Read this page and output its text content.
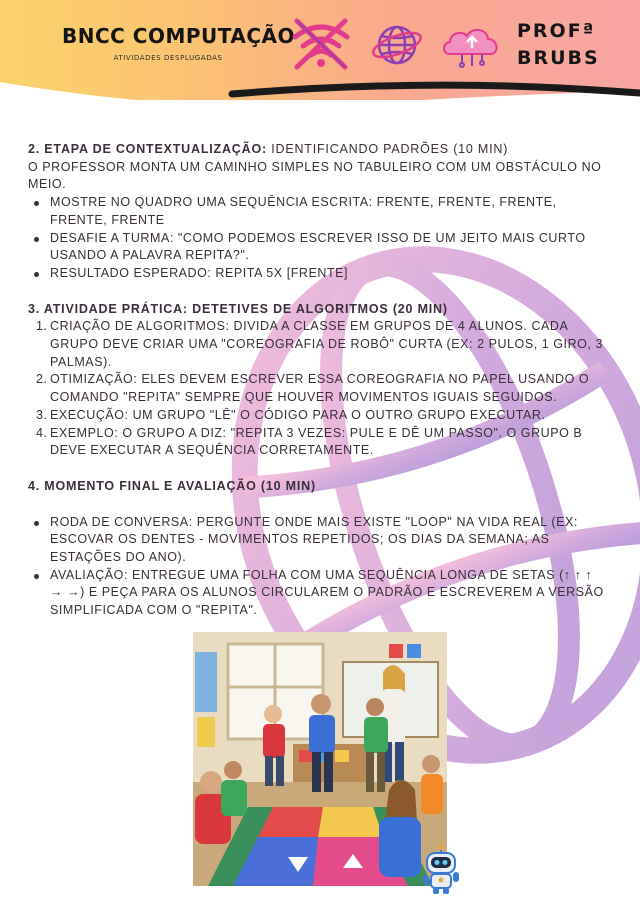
BNCC COMPUTAÇÃO
ATIVIDADES DESPLUGADAS
PROFª
BRUBS
2. ETAPA DE CONTEXTUALIZAÇÃO: IDENTIFICANDO PADRÕES (10 MIN)
O PROFESSOR MONTA UM CAMINHO SIMPLES NO TABULEIRO COM UM OBSTÁCULO NO MEIO.
MOSTRE NO QUADRO UMA SEQUÊNCIA ESCRITA: FRENTE, FRENTE, FRENTE, FRENTE, FRENTE
DESAFIE A TURMA: "COMO PODEMOS ESCREVER ISSO DE UM JEITO MAIS CURTO USANDO A PALAVRA REPITA?".
RESULTADO ESPERADO: REPITA 5X [FRENTE]
3. ATIVIDADE PRÁTICA: DETETIVES DE ALGORITMOS (20 MIN)
1. CRIAÇÃO DE ALGORITMOS: DIVIDA A CLASSE EM GRUPOS DE 4 ALUNOS. CADA GRUPO DEVE CRIAR UMA "COREOGRAFIA DE ROBÔ" CURTA (EX: 2 PULOS, 1 GIRO, 3 PALMAS).
2. OTIMIZAÇÃO: ELES DEVEM ESCREVER ESSA COREOGRAFIA NO PAPEL USANDO O COMANDO "REPITA" SEMPRE QUE HOUVER MOVIMENTOS IGUAIS SEGUIDOS.
3. EXECUÇÃO: UM GRUPO "LÊ" O CÓDIGO PARA O OUTRO GRUPO EXECUTAR.
4. EXEMPLO: O GRUPO A DIZ: "REPITA 3 VEZES: PULE E DÊ UM PASSO". O GRUPO B DEVE EXECUTAR A SEQUÊNCIA CORRETAMENTE.
4. MOMENTO FINAL E AVALIAÇÃO (10 MIN)
RODA DE CONVERSA: PERGUNTE ONDE MAIS EXISTE "LOOP" NA VIDA REAL (EX: ESCOVAR OS DENTES - MOVIMENTOS REPETIDOS; OS DIAS DA SEMANA; AS ESTAÇÕES DO ANO).
AVALIAÇÃO: ENTREGUE UMA FOLHA COM UMA SEQUÊNCIA LONGA DE SETAS (↑ ↑ ↑ → →) E PEÇA PARA OS ALUNOS CIRCULAREM O PADRÃO E ESCREVEREM A VERSÃO SIMPLIFICADA COM O "REPITA".
